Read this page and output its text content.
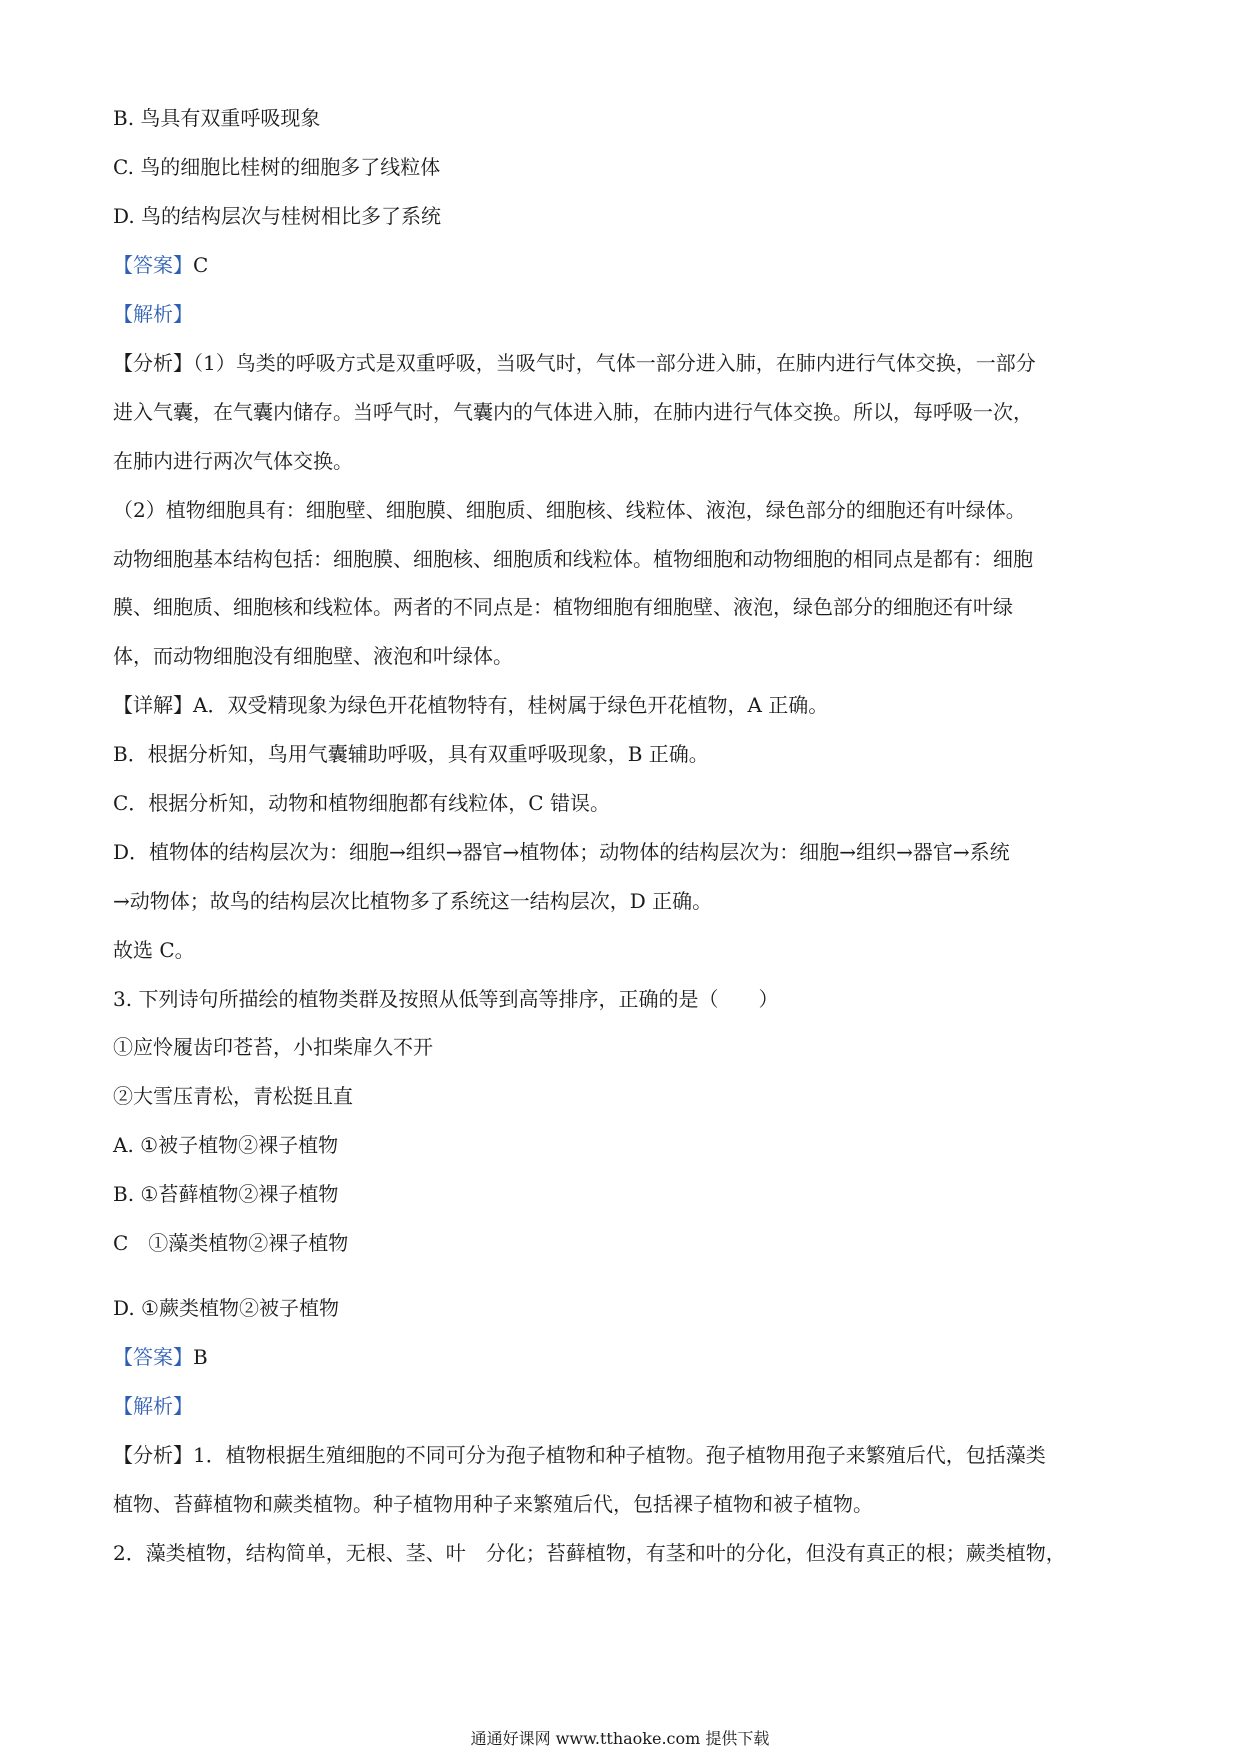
B. 鸟具有双重呼吸现象
C. 鸟的细胞比桂树的细胞多了线粒体
D. 鸟的结构层次与桂树相比多了系统
【答案】C
【解析】
【分析】（1）鸟类的呼吸方式是双重呼吸，当吸气时，气体一部分进入肺，在肺内进行气体交换，一部分
进入气囊，在气囊内储存。当呼气时，气囊内的气体进入肺，在肺内进行气体交换。所以，每呼吸一次，
在肺内进行两次气体交换。
（2）植物细胞具有：细胞壁、细胞膜、细胞质、细胞核、线粒体、液泡，绿色部分的细胞还有叶绿体。
动物细胞基本结构包括：细胞膜、细胞核、细胞质和线粒体。植物细胞和动物细胞的相同点是都有：细胞
膜、细胞质、细胞核和线粒体。两者的不同点是：植物细胞有细胞壁、液泡，绿色部分的细胞还有叶绿
体，而动物细胞没有细胞壁、液泡和叶绿体。
【详解】A．双受精现象为绿色开花植物特有，桂树属于绿色开花植物，A 正确。
B．根据分析知，鸟用气囊辅助呼吸，具有双重呼吸现象，B 正确。
C．根据分析知，动物和植物细胞都有线粒体，C 错误。
D．植物体的结构层次为：细胞→组织→器官→植物体；动物体的结构层次为：细胞→组织→器官→系统
→动物体；故鸟的结构层次比植物多了系统这一结构层次，D 正确。
故选 C。
3. 下列诗句所描绘的植物类群及按照从低等到高等排序，正确的是（　　）
①应怜履齿印苍苔，小扣柴扉久不开
②大雪压青松，青松挺且直
A. ①被子植物②裸子植物
B. ①苔藓植物②裸子植物
C　①藻类植物②裸子植物
D. ①蕨类植物②被子植物
【答案】B
【解析】
【分析】1．植物根据生殖细胞的不同可分为孢子植物和种子植物。孢子植物用孢子来繁殖后代，包括藻类
植物、苔藓植物和蕨类植物。种子植物用种子来繁殖后代，包括裸子植物和被子植物。
2．藻类植物，结构简单，无根、茎、叶　分化；苔藓植物，有茎和叶的分化，但没有真正的根；蕨类植物，
通通好课网 www.tthaoke.com 提供下载
